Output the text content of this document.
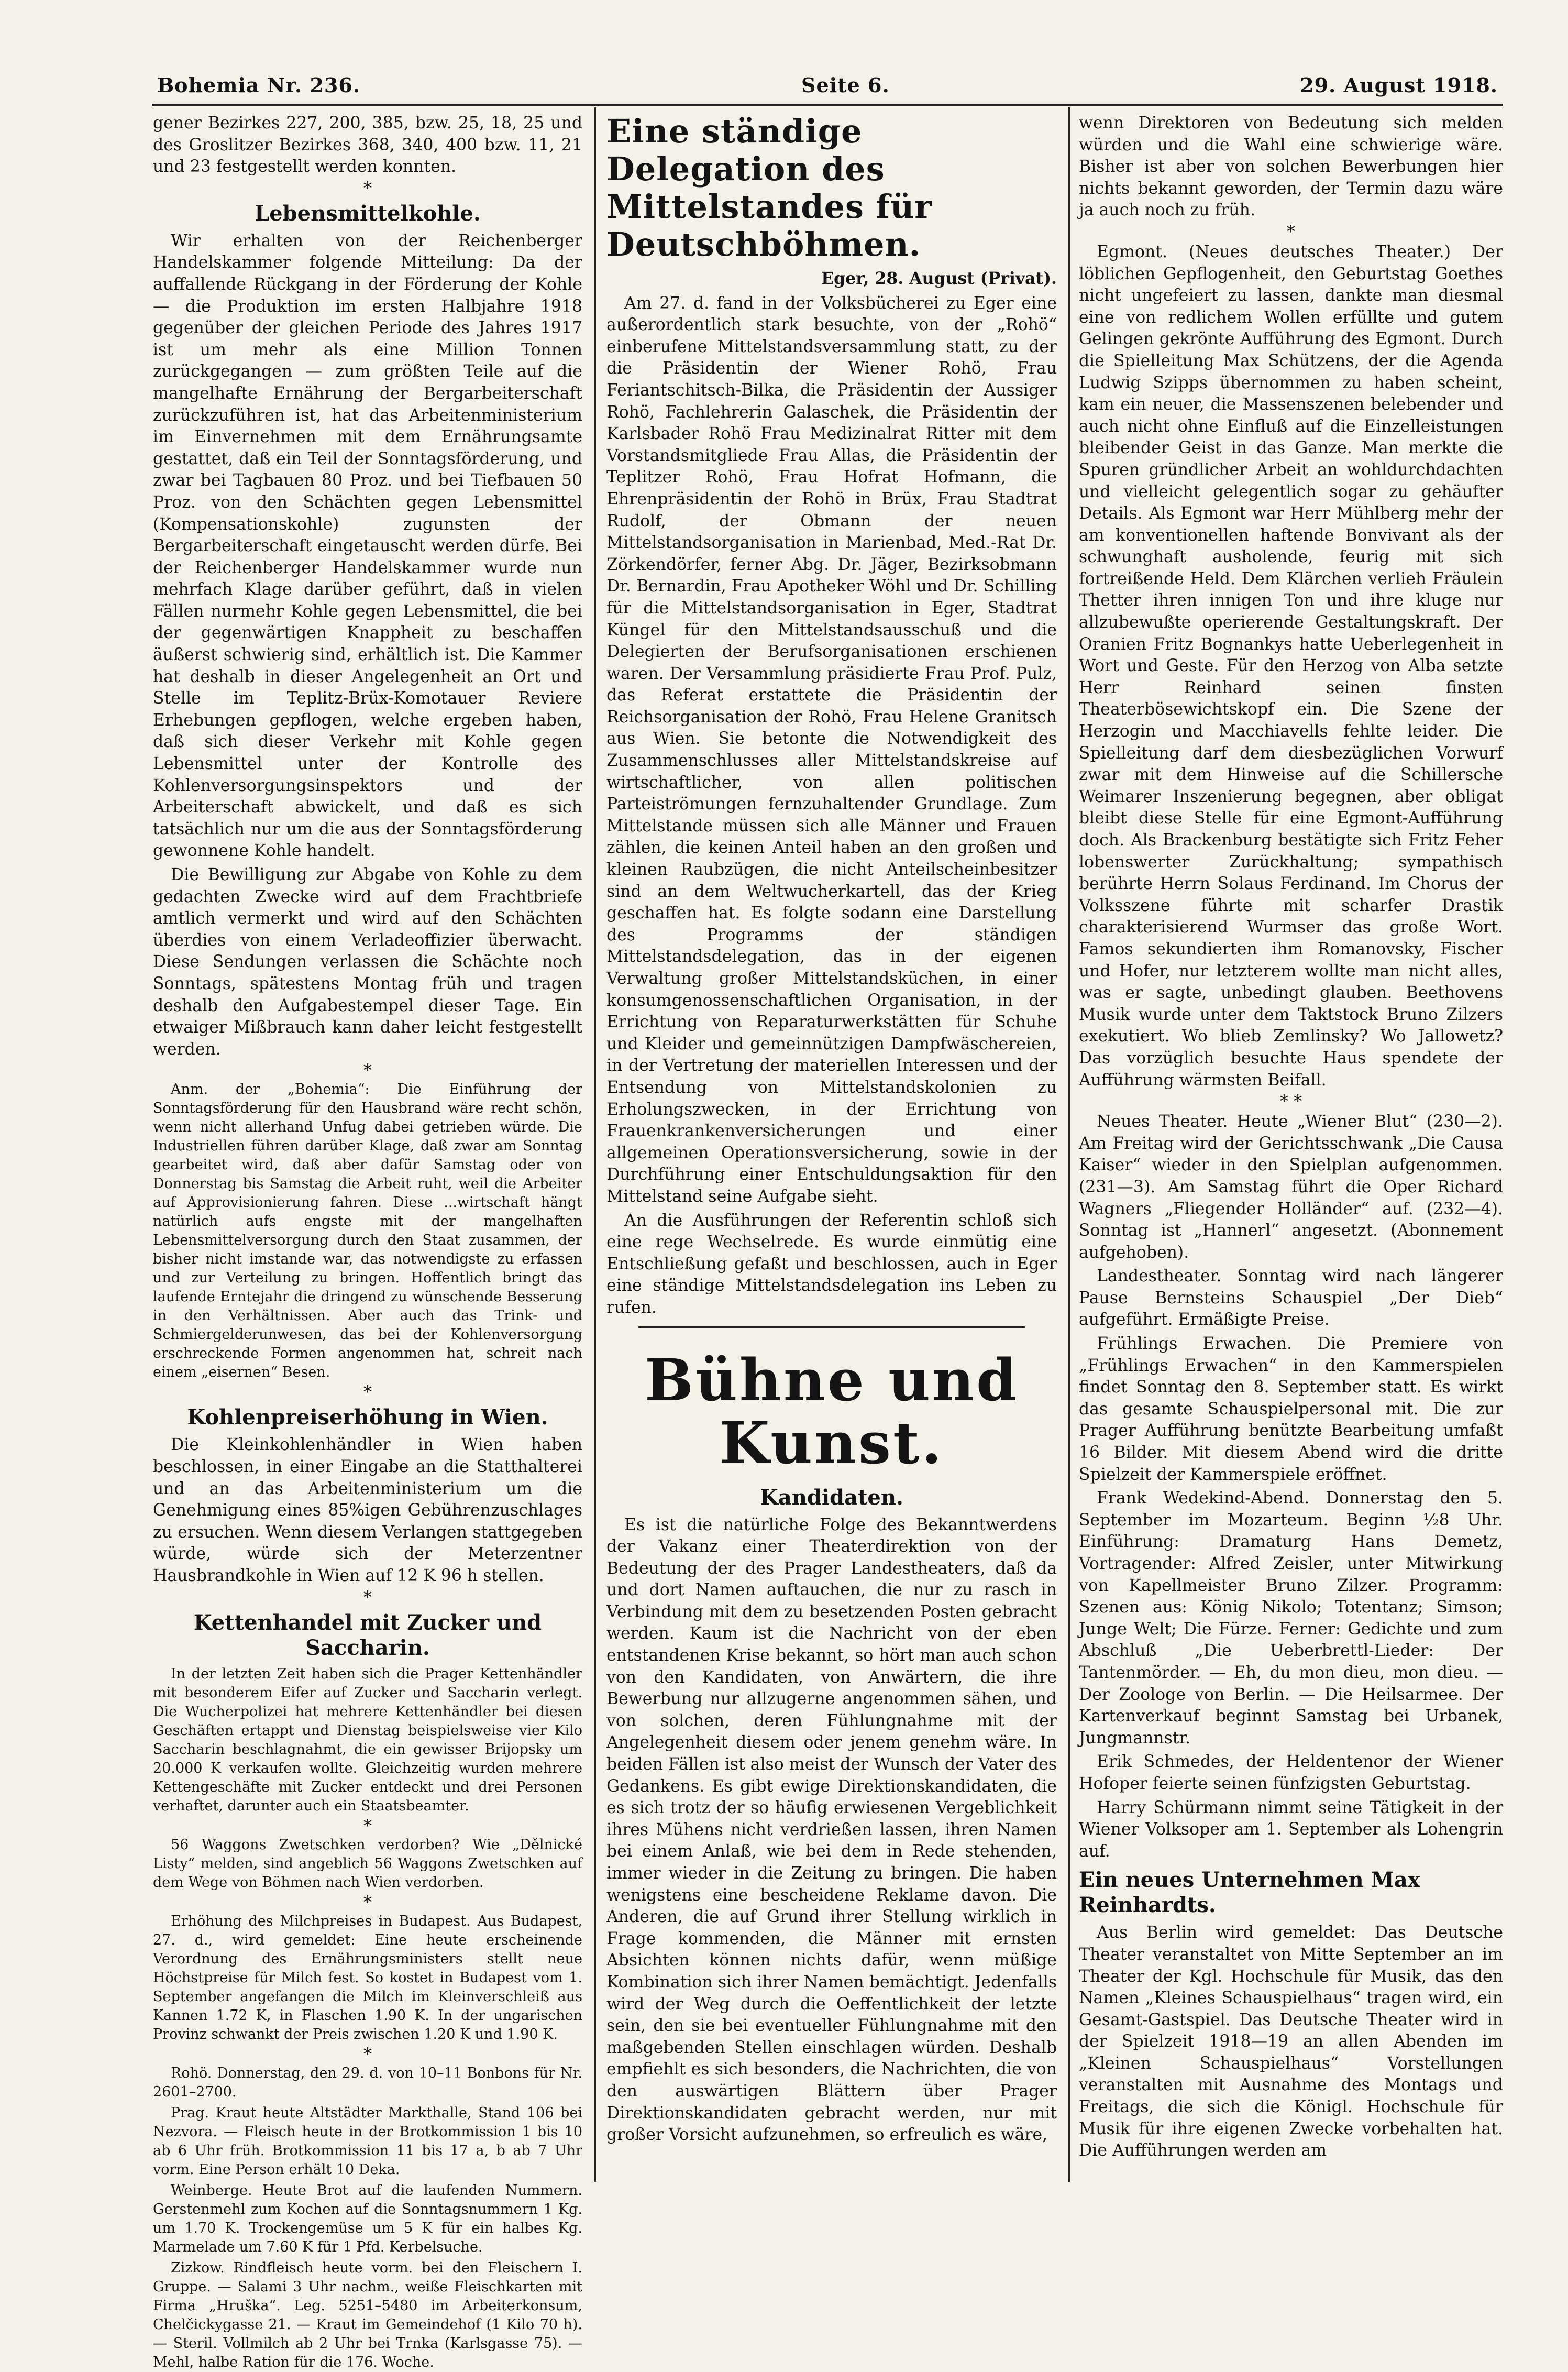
Bohemia Nr. 236.	Seite 6.	29. August 1918.

gener Bezirkes 227, 200, 385, bzw. 25, 18, 25 und des Groslitzer Bezirkes 368, 340, 400 bzw. 11, 21 und 23 festgestellt werden konnten.

*

Lebensmittelkohle.

Wir erhalten von der Reichenberger Handelskammer folgende Mitteilung: Da der auffallende Rückgang in der Förderung der Kohle — die Produktion im ersten Halbjahre 1918 gegenüber der gleichen Periode des Jahres 1917 ist um mehr als eine Million Tonnen zurückgegangen — zum größten Teile auf die mangelhafte Ernährung der Bergarbeiterschaft zurückzuführen ist, hat das Arbeitenministerium im Einvernehmen mit dem Ernährungsamte gestattet, daß ein Teil der Sonntagsförderung, und zwar bei Tagbauen 80 Proz. und bei Tiefbauen 50 Proz. von den Schächten gegen Lebensmittel (Kompensationskohle) zugunsten der Bergarbeiterschaft eingetauscht werden dürfe. Bei der Reichenberger Handelskammer wurde nun mehrfach Klage darüber geführt, daß in vielen Fällen nurmehr Kohle gegen Lebensmittel, die bei der gegenwärtigen Knappheit zu beschaffen äußerst schwierig sind, erhältlich ist. Die Kammer hat deshalb in dieser Angelegenheit an Ort und Stelle im Teplitz-Brüx-Komotauer Reviere Erhebungen gepflogen, welche ergeben haben, daß sich dieser Verkehr mit Kohle gegen Lebensmittel unter der Kontrolle des Kohlenversorgungsinspektors und der Arbeiterschaft abwickelt, und daß es sich tatsächlich nur um die aus der Sonntagsförderung gewonnene Kohle handelt.

Die Bewilligung zur Abgabe von Kohle zu dem gedachten Zwecke wird auf dem Frachtbriefe amtlich vermerkt und wird auf den Schächten überdies von einem Verladeoffizier überwacht. Diese Sendungen verlassen die Schächte noch Sonntags, spätestens Montag früh und tragen deshalb den Aufgabestempel dieser Tage. Ein etwaiger Mißbrauch kann daher leicht festgestellt werden.

*

Anm. der „Bohemia“: Die Einführung der Sonntagsförderung für den Hausbrand wäre recht schön, wenn nicht allerhand Unfug dabei getrieben würde. Die Industriellen führen darüber Klage, daß zwar am Sonntag gearbeitet wird, daß aber dafür Samstag oder von Donnerstag bis Samstag die Arbeit ruht, weil die Arbeiter auf Approvisionierung fahren. Diese ...wirtschaft hängt natürlich aufs engste mit der mangelhaften Lebensmittelversorgung durch den Staat zusammen, der bisher nicht imstande war, das notwendigste zu erfassen und zur Verteilung zu bringen. Hoffentlich bringt das laufende Erntejahr die dringend zu wünschende Besserung in den Verhältnissen. Aber auch das Trink- und Schmiergelderunwesen, das bei der Kohlenversorgung erschreckende Formen angenommen hat, schreit nach einem „eisernen“ Besen.

*

Kohlenpreiserhöhung in Wien.

Die Kleinkohlenhändler in Wien haben beschlossen, in einer Eingabe an die Statthalterei und an das Arbeitenministerium um die Genehmigung eines 85%igen Gebührenzuschlages zu ersuchen. Wenn diesem Verlangen stattgegeben würde, würde sich der Meterzentner Hausbrandkohle in Wien auf 12 K 96 h stellen.

*

Kettenhandel mit Zucker und Saccharin.

In der letzten Zeit haben sich die Prager Kettenhändler mit besonderem Eifer auf Zucker und Saccharin verlegt. Die Wucherpolizei hat mehrere Kettenhändler bei diesen Geschäften ertappt und Dienstag beispielsweise vier Kilo Saccharin beschlagnahmt, die ein gewisser Brijopsky um 20.000 K verkaufen wollte. Gleichzeitig wurden mehrere Kettengeschäfte mit Zucker entdeckt und drei Personen verhaftet, darunter auch ein Staatsbeamter.

*

56 Waggons Zwetschken verdorben? Wie „Dělnické Listy“ melden, sind angeblich 56 Waggons Zwetschken auf dem Wege von Böhmen nach Wien verdorben.

*

Erhöhung des Milchpreises in Budapest. Aus Budapest, 27. d., wird gemeldet: Eine heute erscheinende Verordnung des Ernährungsministers stellt neue Höchstpreise für Milch fest. So kostet in Budapest vom 1. September angefangen die Milch im Kleinverschleiß aus Kannen 1.72 K, in Flaschen 1.90 K. In der ungarischen Provinz schwankt der Preis zwischen 1.20 K und 1.90 K.

*

Rohö. Donnerstag, den 29. d. von 10–11 Bonbons für Nr. 2601–2700.

Prag. Kraut heute Altstädter Markthalle, Stand 106 bei Nezvora. — Fleisch heute in der Brotkommission 1 bis 10 ab 6 Uhr früh. Brotkommission 11 bis 17 a, b ab 7 Uhr vorm. Eine Person erhält 10 Deka.

Weinberge. Heute Brot auf die laufenden Nummern. Gerstenmehl zum Kochen auf die Sonntagsnummern 1 Kg. um 1.70 K. Trockengemüse um 5 K für ein halbes Kg. Marmelade um 7.60 K für 1 Pfd. Kerbelsuche.

Zizkow. Rindfleisch heute vorm. bei den Fleischern I. Gruppe. — Salami 3 Uhr nachm., weiße Fleischkarten mit Firma „Hruška“. Leg. 5251–5480 im Arbeiterkonsum, Chelčickygasse 21. — Kraut im Gemeindehof (1 Kilo 70 h). — Steril. Vollmilch ab 2 Uhr bei Trnka (Karlsgasse 75). — Mehl, halbe Ration für die 176. Woche.

Eine ständige Delegation des Mittelstandes für Deutschböhmen.

Eger, 28. August (Privat).

Am 27. d. fand in der Volksbücherei zu Eger eine außerordentlich stark besuchte, von der „Rohö“ einberufene Mittelstandsversammlung statt, zu der die Präsidentin der Wiener Rohö, Frau Feriantschitsch-Bilka, die Präsidentin der Aussiger Rohö, Fachlehrerin Galaschek, die Präsidentin der Karlsbader Rohö Frau Medizinalrat Ritter mit dem Vorstandsmitgliede Frau Allas, die Präsidentin der Teplitzer Rohö, Frau Hofrat Hofmann, die Ehrenpräsidentin der Rohö in Brüx, Frau Stadtrat Rudolf, der Obmann der neuen Mittelstandsorganisation in Marienbad, Med.-Rat Dr. Zörkendörfer, ferner Abg. Dr. Jäger, Bezirksobmann Dr. Bernardin, Frau Apotheker Wöhl und Dr. Schilling für die Mittelstandsorganisation in Eger, Stadtrat Küngel für den Mittelstandsausschuß und die Delegierten der Berufsorganisationen erschienen waren. Der Versammlung präsidierte Frau Prof. Pulz, das Referat erstattete die Präsidentin der Reichsorganisation der Rohö, Frau Helene Granitsch aus Wien. Sie betonte die Notwendigkeit des Zusammenschlusses aller Mittelstandskreise auf wirtschaftlicher, von allen politischen Parteiströmungen fernzuhaltender Grundlage. Zum Mittelstande müssen sich alle Männer und Frauen zählen, die keinen Anteil haben an den großen und kleinen Raubzügen, die nicht Anteilscheinbesitzer sind an dem Weltwucherkartell, das der Krieg geschaffen hat. Es folgte sodann eine Darstellung des Programms der ständigen Mittelstandsdelegation, das in der eigenen Verwaltung großer Mittelstandsküchen, in einer konsumgenossenschaftlichen Organisation, in der Errichtung von Reparaturwerkstätten für Schuhe und Kleider und gemeinnützigen Dampfwäschereien, in der Vertretung der materiellen Interessen und der Entsendung von Mittelstandskolonien zu Erholungszwecken, in der Errichtung von Frauenkrankenversicherungen und einer allgemeinen Operationsversicherung, sowie in der Durchführung einer Entschuldungsaktion für den Mittelstand seine Aufgabe sieht.

An die Ausführungen der Referentin schloß sich eine rege Wechselrede. Es wurde einmütig eine Entschließung gefaßt und beschlossen, auch in Eger eine ständige Mittelstandsdelegation ins Leben zu rufen.

Bühne und Kunst.
Kandidaten.

Es ist die natürliche Folge des Bekanntwerdens der Vakanz einer Theaterdirektion von der Bedeutung der des Prager Landestheaters, daß da und dort Namen auftauchen, die nur zu rasch in Verbindung mit dem zu besetzenden Posten gebracht werden. Kaum ist die Nachricht von der eben entstandenen Krise bekannt, so hört man auch schon von den Kandidaten, von Anwärtern, die ihre Bewerbung nur allzugerne angenommen sähen, und von solchen, deren Fühlungnahme mit der Angelegenheit diesem oder jenem genehm wäre. In beiden Fällen ist also meist der Wunsch der Vater des Gedankens. Es gibt ewige Direktionskandidaten, die es sich trotz der so häufig erwiesenen Vergeblichkeit ihres Mühens nicht verdrießen lassen, ihren Namen bei einem Anlaß, wie bei dem in Rede stehenden, immer wieder in die Zeitung zu bringen. Die haben wenigstens eine bescheidene Reklame davon. Die Anderen, die auf Grund ihrer Stellung wirklich in Frage kommenden, die Männer mit ernsten Absichten können nichts dafür, wenn müßige Kombination sich ihrer Namen bemächtigt. Jedenfalls wird der Weg durch die Oeffentlichkeit der letzte sein, den sie bei eventueller Fühlungnahme mit den maßgebenden Stellen einschlagen würden. Deshalb empfiehlt es sich besonders, die Nachrichten, die von den auswärtigen Blättern über Prager Direktionskandidaten gebracht werden, nur mit großer Vorsicht aufzunehmen, so erfreulich es wäre,

wenn Direktoren von Bedeutung sich melden würden und die Wahl eine schwierige wäre. Bisher ist aber von solchen Bewerbungen hier nichts bekannt geworden, der Termin dazu wäre ja auch noch zu früh.

*

Egmont. (Neues deutsches Theater.) Der löblichen Gepflogenheit, den Geburtstag Goethes nicht ungefeiert zu lassen, dankte man diesmal eine von redlichem Wollen erfüllte und gutem Gelingen gekrönte Aufführung des Egmont. Durch die Spielleitung Max Schützens, der die Agenda Ludwig Szipps übernommen zu haben scheint, kam ein neuer, die Massenszenen belebender und auch nicht ohne Einfluß auf die Einzelleistungen bleibender Geist in das Ganze. Man merkte die Spuren gründlicher Arbeit an wohldurchdachten und vielleicht gelegentlich sogar zu gehäufter Details. Als Egmont war Herr Mühlberg mehr der am konventionellen haftende Bonvivant als der schwunghaft ausholende, feurig mit sich fortreißende Held. Dem Klärchen verlieh Fräulein Thetter ihren innigen Ton und ihre kluge nur allzubewußte operierende Gestaltungskraft. Der Oranien Fritz Bognankys hatte Ueberlegenheit in Wort und Geste. Für den Herzog von Alba setzte Herr Reinhard seinen finsten Theaterbösewichtskopf ein. Die Szene der Herzogin und Macchiavells fehlte leider. Die Spielleitung darf dem diesbezüglichen Vorwurf zwar mit dem Hinweise auf die Schillersche Weimarer Inszenierung begegnen, aber obligat bleibt diese Stelle für eine Egmont-Aufführung doch. Als Brackenburg bestätigte sich Fritz Feher lobenswerter Zurückhaltung; sympathisch berührte Herrn Solaus Ferdinand. Im Chorus der Volksszene führte mit scharfer Drastik charakterisierend Wurmser das große Wort. Famos sekundierten ihm Romanovsky, Fischer und Hofer, nur letzterem wollte man nicht alles, was er sagte, unbedingt glauben. Beethovens Musik wurde unter dem Taktstock Bruno Zilzers exekutiert. Wo blieb Zemlinsky? Wo Jallowetz? Das vorzüglich besuchte Haus spendete der Aufführung wärmsten Beifall.

* *

Neues Theater. Heute „Wiener Blut“ (230—2). Am Freitag wird der Gerichtsschwank „Die Causa Kaiser“ wieder in den Spielplan aufgenommen. (231—3). Am Samstag führt die Oper Richard Wagners „Fliegender Holländer“ auf. (232—4). Sonntag ist „Hannerl“ angesetzt. (Abonnement aufgehoben).

Landestheater. Sonntag wird nach längerer Pause Bernsteins Schauspiel „Der Dieb“ aufgeführt. Ermäßigte Preise.

Frühlings Erwachen. Die Premiere von „Frühlings Erwachen“ in den Kammerspielen findet Sonntag den 8. September statt. Es wirkt das gesamte Schauspielpersonal mit. Die zur Prager Aufführung benützte Bearbeitung umfaßt 16 Bilder. Mit diesem Abend wird die dritte Spielzeit der Kammerspiele eröffnet.

Frank Wedekind-Abend. Donnerstag den 5. September im Mozarteum. Beginn ½8 Uhr. Einführung: Dramaturg Hans Demetz, Vortragender: Alfred Zeisler, unter Mitwirkung von Kapellmeister Bruno Zilzer. Programm: Szenen aus: König Nikolo; Totentanz; Simson; Junge Welt; Die Fürze. Ferner: Gedichte und zum Abschluß „Die Ueberbrettl-Lieder: Der Tantenmörder. — Eh, du mon dieu, mon dieu. — Der Zoologe von Berlin. — Die Heilsarmee. Der Kartenverkauf beginnt Samstag bei Urbanek, Jungmannstr.

Erik Schmedes, der Heldentenor der Wiener Hofoper feierte seinen fünfzigsten Geburtstag.

Harry Schürmann nimmt seine Tätigkeit in der Wiener Volksoper am 1. September als Lohengrin auf.

Ein neues Unternehmen Max Reinhardts.

Aus Berlin wird gemeldet: Das Deutsche Theater veranstaltet von Mitte September an im Theater der Kgl. Hochschule für Musik, das den Namen „Kleines Schauspielhaus“ tragen wird, ein Gesamt-Gastspiel. Das Deutsche Theater wird in der Spielzeit 1918—19 an allen Abenden im „Kleinen Schauspielhaus“ Vorstellungen veranstalten mit Ausnahme des Montags und Freitags, die sich die Königl. Hochschule für Musik für ihre eigenen Zwecke vorbehalten hat. Die Aufführungen werden am
